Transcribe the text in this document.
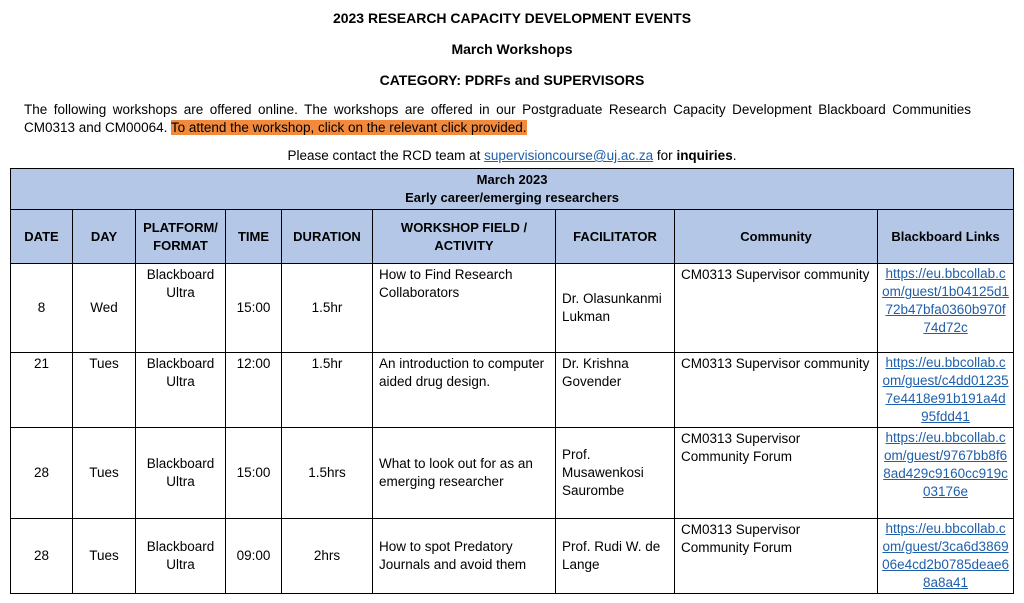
2023 RESEARCH CAPACITY DEVELOPMENT EVENTS
March Workshops
CATEGORY: PDRFs and SUPERVISORS
The following workshops are offered online. The workshops are offered in our Postgraduate Research Capacity Development Blackboard Communities CM0313 and CM00064. To attend the workshop, click on the relevant click provided.
Please contact the RCD team at supervisioncourse@uj.ac.za for inquiries.
March 2023
Early career/emerging researchers								

DATE	DAY	PLATFORM/ FORMAT	TIME	DURATION	WORKSHOP FIELD / ACTIVITY	FACILITATOR	Community	Blackboard Links
8	Wed	Blackboard Ultra	15:00	1.5hr	How to Find Research Collaborators	Dr. Olasunkanmi Lukman	CM0313 Supervisor community	https://eu.bbcollab.com/guest/1b04125d172b47bfa0360b970f74d72c
21	Tues	Blackboard Ultra	12:00	1.5hr	An introduction to computer aided drug design.	Dr. Krishna Govender	CM0313 Supervisor community	https://eu.bbcollab.com/guest/c4dd012357e4418e91b191a4d95fdd41
28	Tues	Blackboard Ultra	15:00	1.5hrs	What to look out for as an emerging researcher	Prof. Musawenkosi Saurombe	CM0313 Supervisor Community Forum	https://eu.bbcollab.com/guest/9767bb8f68ad429c9160cc919c03176e
28	Tues	Blackboard Ultra	09:00	2hrs	How to spot Predatory Journals and avoid them	Prof. Rudi W. de Lange	CM0313 Supervisor Community Forum	https://eu.bbcollab.com/guest/3ca6d386906e4cd2b0785deae68a8a41
